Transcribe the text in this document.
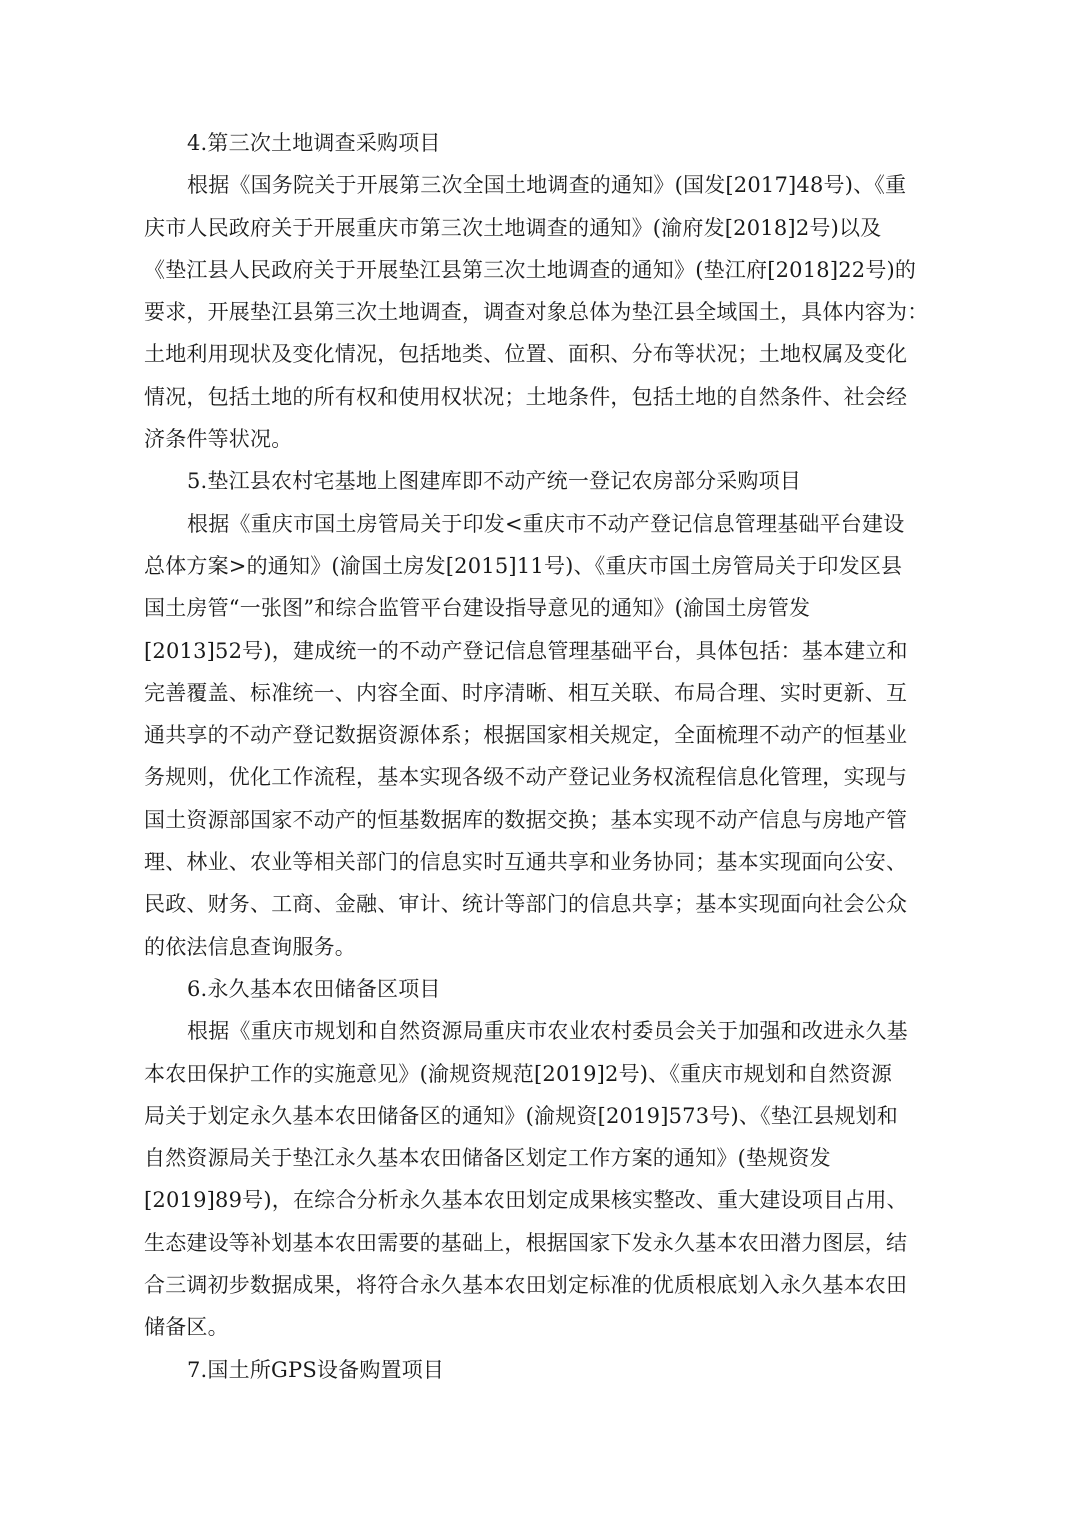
4.第三次土地调查采购项目
根据《国务院关于开展第三次全国土地调查的通知》(国发[2017]48号)、《重
庆市人民政府关于开展重庆市第三次土地调查的通知》(渝府发[2018]2号)以及
《垫江县人民政府关于开展垫江县第三次土地调查的通知》(垫江府[2018]22号)的
要求，开展垫江县第三次土地调查，调查对象总体为垫江县全域国土，具体内容为：
土地利用现状及变化情况，包括地类、位置、面积、分布等状况；土地权属及变化
情况，包括土地的所有权和使用权状况；土地条件，包括土地的自然条件、社会经
济条件等状况。
5.垫江县农村宅基地上图建库即不动产统一登记农房部分采购项目
根据《重庆市国土房管局关于印发<重庆市不动产登记信息管理基础平台建设
总体方案>的通知》(渝国土房发[2015]11号)、《重庆市国土房管局关于印发区县
国土房管“一张图”和综合监管平台建设指导意见的通知》(渝国土房管发
[2013]52号)，建成统一的不动产登记信息管理基础平台，具体包括：基本建立和
完善覆盖、标准统一、内容全面、时序清晰、相互关联、布局合理、实时更新、互
通共享的不动产登记数据资源体系；根据国家相关规定，全面梳理不动产的恒基业
务规则，优化工作流程，基本实现各级不动产登记业务权流程信息化管理，实现与
国土资源部国家不动产的恒基数据库的数据交换；基本实现不动产信息与房地产管
理、林业、农业等相关部门的信息实时互通共享和业务协同；基本实现面向公安、
民政、财务、工商、金融、审计、统计等部门的信息共享；基本实现面向社会公众
的依法信息查询服务。
6.永久基本农田储备区项目
根据《重庆市规划和自然资源局重庆市农业农村委员会关于加强和改进永久基
本农田保护工作的实施意见》(渝规资规范[2019]2号)、《重庆市规划和自然资源
局关于划定永久基本农田储备区的通知》(渝规资[2019]573号)、《垫江县规划和
自然资源局关于垫江永久基本农田储备区划定工作方案的通知》(垫规资发
[2019]89号)，在综合分析永久基本农田划定成果核实整改、重大建设项目占用、
生态建设等补划基本农田需要的基础上，根据国家下发永久基本农田潜力图层，结
合三调初步数据成果，将符合永久基本农田划定标准的优质根底划入永久基本农田
储备区。
7.国土所GPS设备购置项目
